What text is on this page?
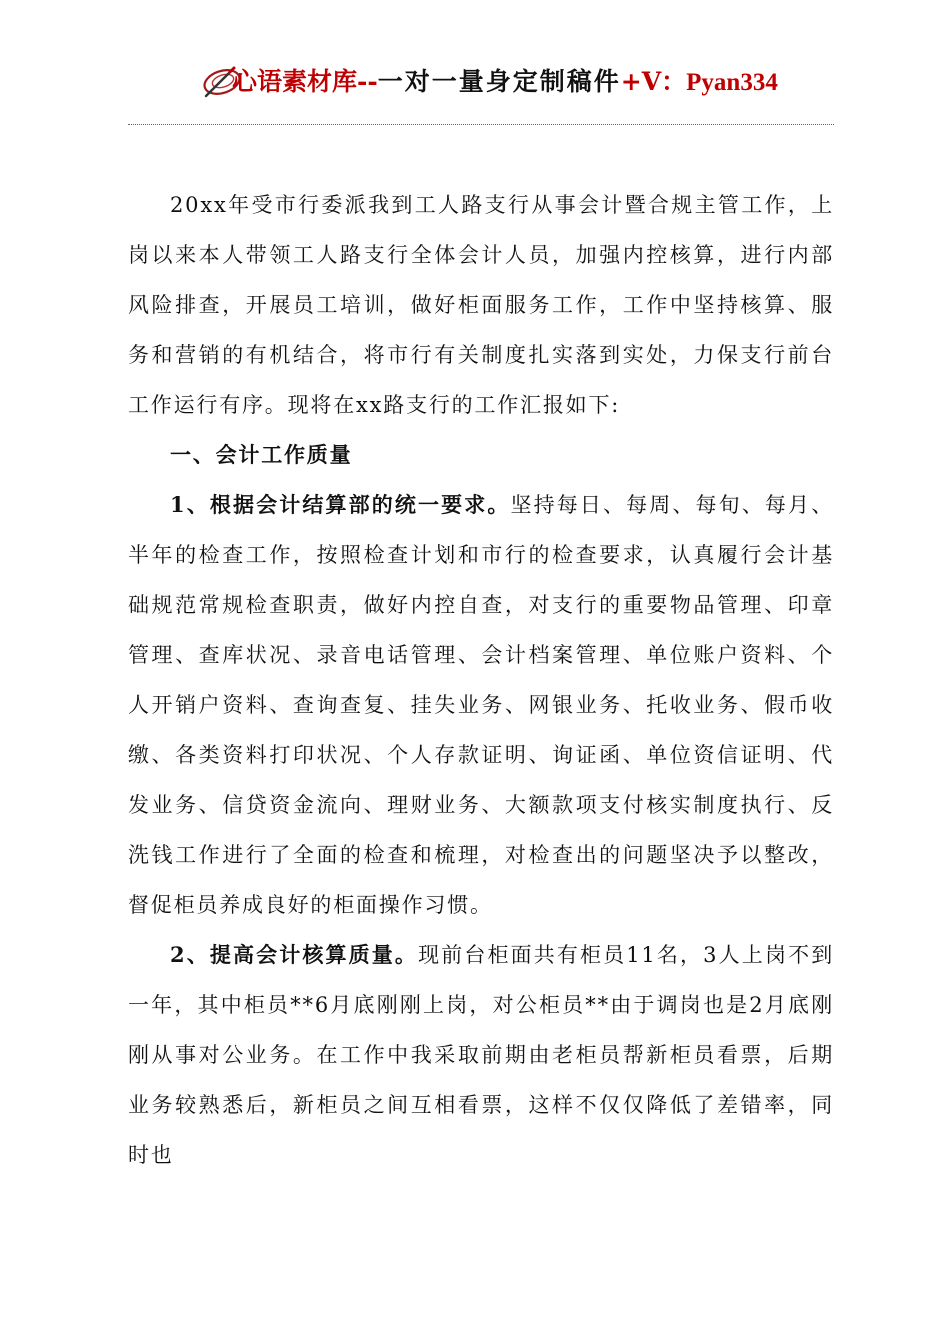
心语素材库--一对一量身定制稿件+V：Pyan334

20xx年受市行委派我到工人路支行从事会计暨合规主管工作，上岗以来本人带领工人路支行全体会计人员，加强内控核算，进行内部风险排查，开展员工培训，做好柜面服务工作，工作中坚持核算、服务和营销的有机结合，将市行有关制度扎实落到实处，力保支行前台工作运行有序。现将在xx路支行的工作汇报如下:

一、会计工作质量

1、根据会计结算部的统一要求。坚持每日、每周、每旬、每月、半年的检查工作，按照检查计划和市行的检查要求，认真履行会计基础规范常规检查职责，做好内控自查，对支行的重要物品管理、印章管理、查库状况、录音电话管理、会计档案管理、单位账户资料、个人开销户资料、查询查复、挂失业务、网银业务、托收业务、假币收缴、各类资料打印状况、个人存款证明、询证函、单位资信证明、代发业务、信贷资金流向、理财业务、大额款项支付核实制度执行、反洗钱工作进行了全面的检查和梳理，对检查出的问题坚决予以整改，督促柜员养成良好的柜面操作习惯。

2、提高会计核算质量。现前台柜面共有柜员11名，3人上岗不到一年，其中柜员**6月底刚刚上岗，对公柜员**由于调岗也是2月底刚刚从事对公业务。在工作中我采取前期由老柜员帮新柜员看票，后期业务较熟悉后，新柜员之间互相看票，这样不仅仅降低了差错率，同时也
